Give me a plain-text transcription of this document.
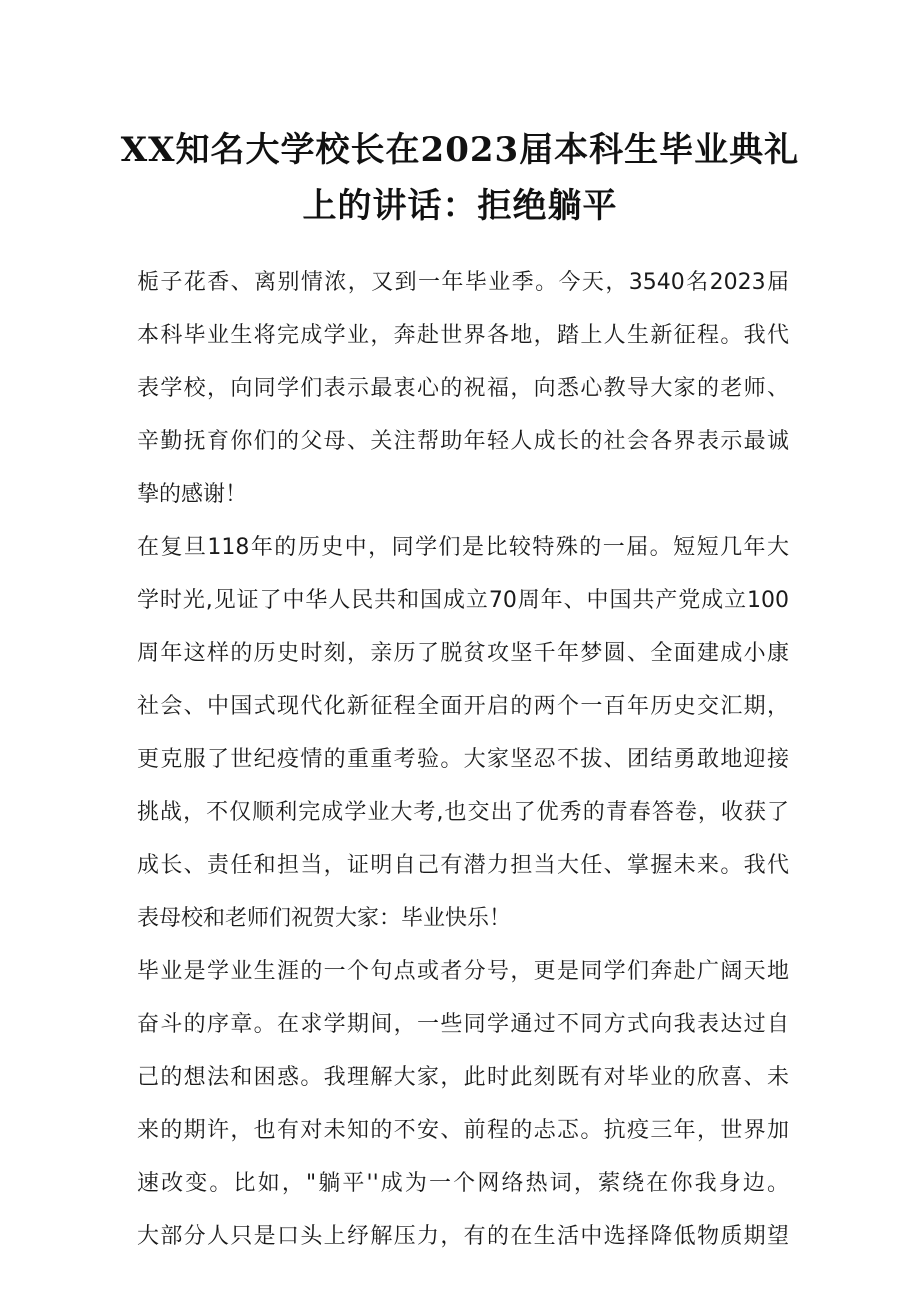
XX知名大学校长在2023届本科生毕业典礼
上的讲话：拒绝躺平

栀子花香、离别情浓，又到一年毕业季。今天，3540名2023届

本科毕业生将完成学业，奔赴世界各地，踏上人生新征程。我代

表学校，向同学们表示最衷心的祝福，向悉心教导大家的老师、

辛勤抚育你们的父母、关注帮助年轻人成长的社会各界表示最诚

挚的感谢！

在复旦118年的历史中，同学们是比较特殊的一届。短短几年大

学时光,见证了中华人民共和国成立70周年、中国共产党成立100

周年这样的历史时刻，亲历了脱贫攻坚千年梦圆、全面建成小康

社会、中国式现代化新征程全面开启的两个一百年历史交汇期，

更克服了世纪疫情的重重考验。大家坚忍不拔、团结勇敢地迎接

挑战，不仅顺利完成学业大考,也交出了优秀的青春答卷，收获了

成长、责任和担当，证明自己有潜力担当大任、掌握未来。我代

表母校和老师们祝贺大家：毕业快乐！

毕业是学业生涯的一个句点或者分号，更是同学们奔赴广阔天地

奋斗的序章。在求学期间，一些同学通过不同方式向我表达过自

己的想法和困惑。我理解大家，此时此刻既有对毕业的欣喜、未

来的期许，也有对未知的不安、前程的忐忑。抗疫三年，世界加

速改变。比如，"躺平''成为一个网络热词，萦绕在你我身边。

大部分人只是口头上纾解压力，有的在生活中选择降低物质期望
